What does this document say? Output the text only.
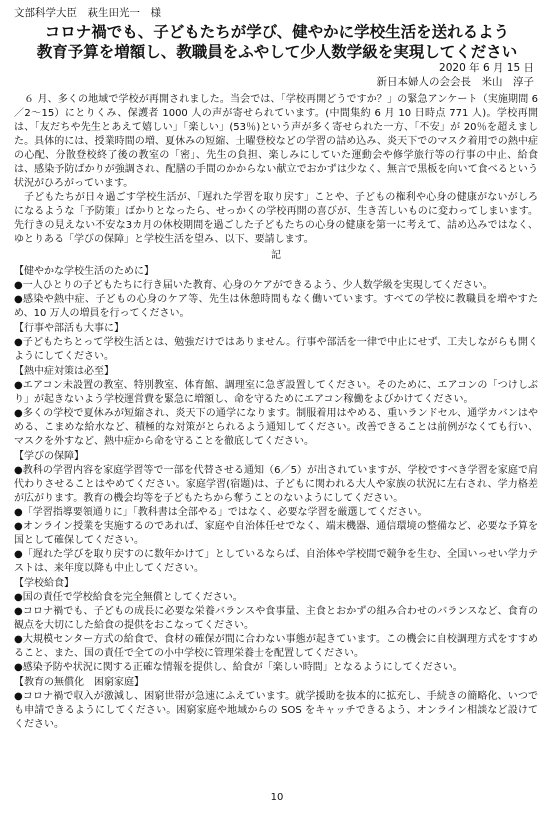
文部科学大臣　萩生田光一　様
コロナ禍でも、子どもたちが学び、健やかに学校生活を送れるよう
教育予算を増額し、教職員をふやして少人数学級を実現してください
2020 年 6 月 15 日
新日本婦人の会会長　米山　淳子

６ 月、多くの地域で学校が再開されました。当会では、「学校再開どうですか？」の緊急アンケート（実施期間 6／2～15）にとりくみ、保護者 1000 人の声が寄せられています。(中間集約 6 月 10 日時点 771 人)。学校再開は、「友だちや先生とあえて嬉しい」「楽しい」(53％)という声が多く寄せられた一方、「不安」が 20％を超えました。具体的には、授業時間の増、夏休みの短縮、土曜登校などの学習の詰め込み、炎天下でのマスク着用での熱中症の心配、分散登校終了後の教室の「密」、先生の負担、楽しみにしていた運動会や修学旅行等の行事の中止、給食は、感染予防ばかりが強調され、配膳の手間のかからない献立でおかずは少なく、無言で黒板を向いて食べるという状況がひろがっています。

子どもたちが日々過ごす学校生活が、「遅れた学習を取り戻す」ことや、子どもの権利や心身の健康がないがしろになるような「予防策」ばかりとなったら、せっかくの学校再開の喜びが、生き苦しいものに変わってしまいます。先行きの見えない不安な3カ月の休校期間を過ごした子どもたちの心身の健康を第一に考えて、詰め込みではなく、ゆとりある「学びの保障」と学校生活を望み、以下、要請します。

記

【健やかな学校生活のために】

●一人ひとりの子どもたちに行き届いた教育、心身のケアができるよう、少人数学級を実現してください。

●感染や熱中症、子どもの心身のケア等、先生は休憩時間もなく働いています。すべての学校に教職員を増やすため、10 万人の増員を行ってください。

【行事や部活も大事に】

●子どもたちとって学校生活とは、勉強だけではありません。行事や部活を一律で中止にせず、工夫しながらも開くようにしてください。

【熱中症対策は必至】

●エアコン未設置の教室、特別教室、体育館、調理室に急ぎ設置してください。そのために、エアコンの「つけしぶり」が起きないよう学校運営費を緊急に増額し、命を守るためにエアコン稼働をよびかけてください。

●多くの学校で夏休みが短縮され、炎天下の通学になります。制服着用はやめる、重いランドセル、通学カバンはやめる、こまめな給水など、積極的な対策がとられるよう通知してください。改善できることは前例がなくても行い、マスクを外すなど、熱中症から命を守ることを徹底してください。

【学びの保障】

●教科の学習内容を家庭学習等で一部を代替させる通知（6／5）が出されていますが、学校ですべき学習を家庭で肩代わりさせることはやめてください。家庭学習(宿題)は、子どもに関われる大人や家族の状況に左右され、学力格差が広がります。教育の機会均等を子どもたちから奪うことのないようにしてください。

●「学習指導要領通りに」「教科書は全部やる」ではなく、必要な学習を厳選してください。

●オンライン授業を実施するのであれば、家庭や自治体任せでなく、端末機器、通信環境の整備など、必要な予算を国として確保してください。

●「遅れた学びを取り戻すのに数年かけて」としているならば、自治体や学校間で競争を生む、全国いっせい学力テストは、来年度以降も中止してください。

【学校給食】

●国の責任で学校給食を完全無償としてください。

●コロナ禍でも、子どもの成長に必要な栄養バランスや食事量、主食とおかずの組み合わせのバランスなど、食育の観点を大切にした給食の提供をおこなってください。

●大規模センター方式の給食で、食材の確保が間に合わない事態が起きています。この機会に自校調理方式をすすめること、また、国の責任で全ての小中学校に管理栄養士を配置してください。

●感染予防や状況に関する正確な情報を提供し、給食が「楽しい時間」となるようにしてください。

【教育の無償化　困窮家庭】

●コロナ禍で収入が激減し、困窮世帯が急速にふえています。就学援助を抜本的に拡充し、手続きの簡略化、いつでも申請できるようにしてください。困窮家庭や地域からの SOS をキャッチできるよう、オンライン相談など設けてください。

10
